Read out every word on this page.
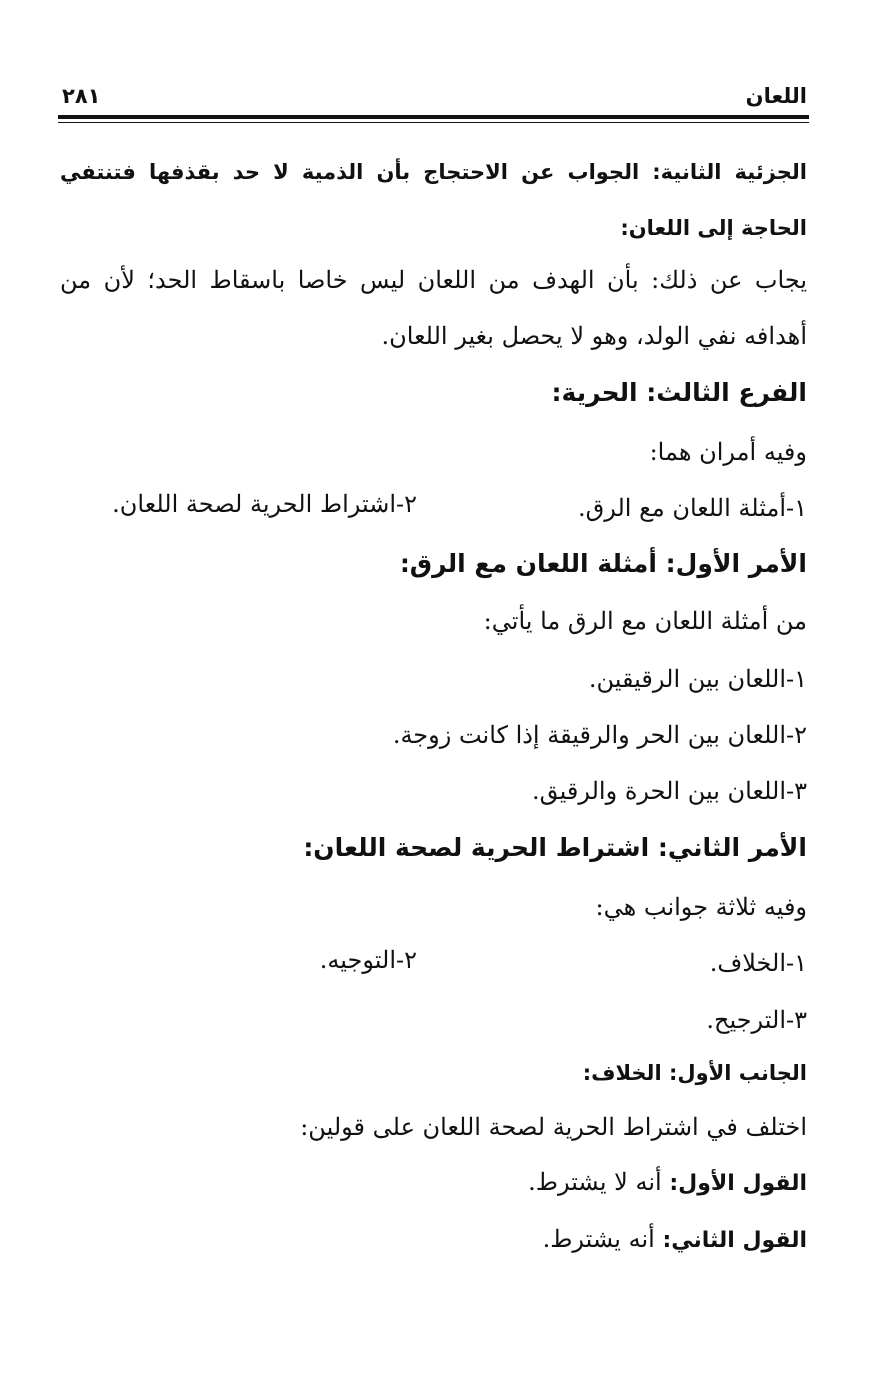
اللعان
٢٨١
الجزئية الثانية: الجواب عن الاحتجاج بأن الذمية لا حد بقذفها فتنتفي
الحاجة إلى اللعان:
يجاب عن ذلك: بأن الهدف من اللعان ليس خاصا باسقاط الحد؛ لأن من
أهدافه نفي الولد، وهو لا يحصل بغير اللعان.
الفرع الثالث: الحرية:
وفيه أمران هما:
١-أمثلة اللعان مع الرق.
٢-اشتراط الحرية لصحة اللعان.
الأمر الأول: أمثلة اللعان مع الرق:
من أمثلة اللعان مع الرق ما يأتي:
١-اللعان بين الرقيقين.
٢-اللعان بين الحر والرقيقة إذا كانت زوجة.
٣-اللعان بين الحرة والرقيق.
الأمر الثاني: اشتراط الحرية لصحة اللعان:
وفيه ثلاثة جوانب هي:
١-الخلاف.
٢-التوجيه.
٣-الترجيح.
الجانب الأول: الخلاف:
اختلف في اشتراط الحرية لصحة اللعان على قولين:
القول الأول: أنه لا يشترط.
القول الثاني: أنه يشترط.
